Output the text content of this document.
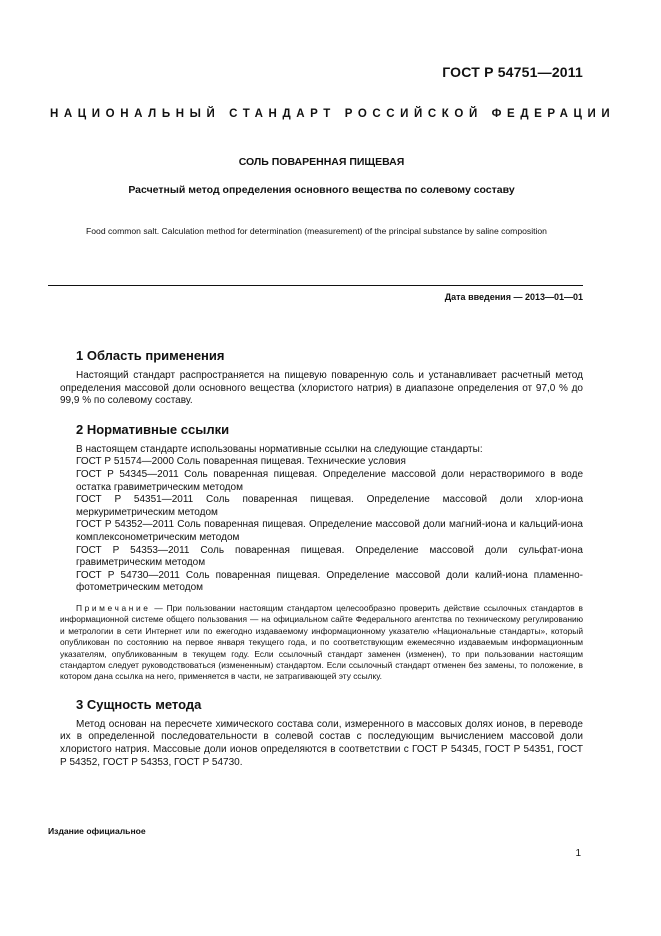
ГОСТ Р 54751—2011
НАЦИОНАЛЬНЫЙ СТАНДАРТ РОССИЙСКОЙ ФЕДЕРАЦИИ
СОЛЬ ПОВАРЕННАЯ ПИЩЕВАЯ
Расчетный метод определения основного вещества по солевому составу
Food common salt. Calculation method for determination (measurement) of the principal substance by saline composition
Дата введения — 2013—01—01
1 Область применения

Настоящий стандарт распространяется на пищевую поваренную соль и устанавливает расчетный метод определения массовой доли основного вещества (хлористого натрия) в диапазоне определения от 97,0 % до 99,9 % по солевому составу.

2 Нормативные ссылки

В настоящем стандарте использованы нормативные ссылки на следующие стандарты:

ГОСТ Р 51574—2000 Соль поваренная пищевая. Технические условия
ГОСТ Р 54345—2011 Соль поваренная пищевая. Определение массовой доли нерастворимого в воде остатка гравиметрическим методом
ГОСТ Р 54351—2011 Соль поваренная пищевая. Определение массовой доли хлор-иона меркуриметрическим методом
ГОСТ Р 54352—2011 Соль поваренная пищевая. Определение массовой доли магний-иона и кальций-иона комплексонометрическим методом
ГОСТ Р 54353—2011 Соль поваренная пищевая. Определение массовой доли сульфат-иона гравиметрическим методом
ГОСТ Р 54730—2011 Соль поваренная пищевая. Определение массовой доли калий-иона пламенно-фотометрическим методом
Примечание — При пользовании настоящим стандартом целесообразно проверить действие ссылочных стандартов в информационной системе общего пользования — на официальном сайте Федерального агентства по техническому регулированию и метрологии в сети Интернет или по ежегодно издаваемому информационному указателю «Национальные стандарты», который опубликован по состоянию на первое января текущего года, и по соответствующим ежемесячно издаваемым информационным указателям, опубликованным в текущем году. Если ссылочный стандарт заменен (изменен), то при пользовании настоящим стандартом следует руководствоваться (измененным) стандартом. Если ссылочный стандарт отменен без замены, то положение, в котором дана ссылка на него, применяется в части, не затрагивающей эту ссылку.
3 Сущность метода

Метод основан на пересчете химического состава соли, измеренного в массовых долях ионов, в переводе их в определенной последовательности в солевой состав с последующим вычислением массовой доли хлористого натрия. Массовые доли ионов определяются в соответствии с ГОСТ Р 54345, ГОСТ Р 54351, ГОСТ Р 54352, ГОСТ Р 54353, ГОСТ Р 54730.

Издание официальное
1
